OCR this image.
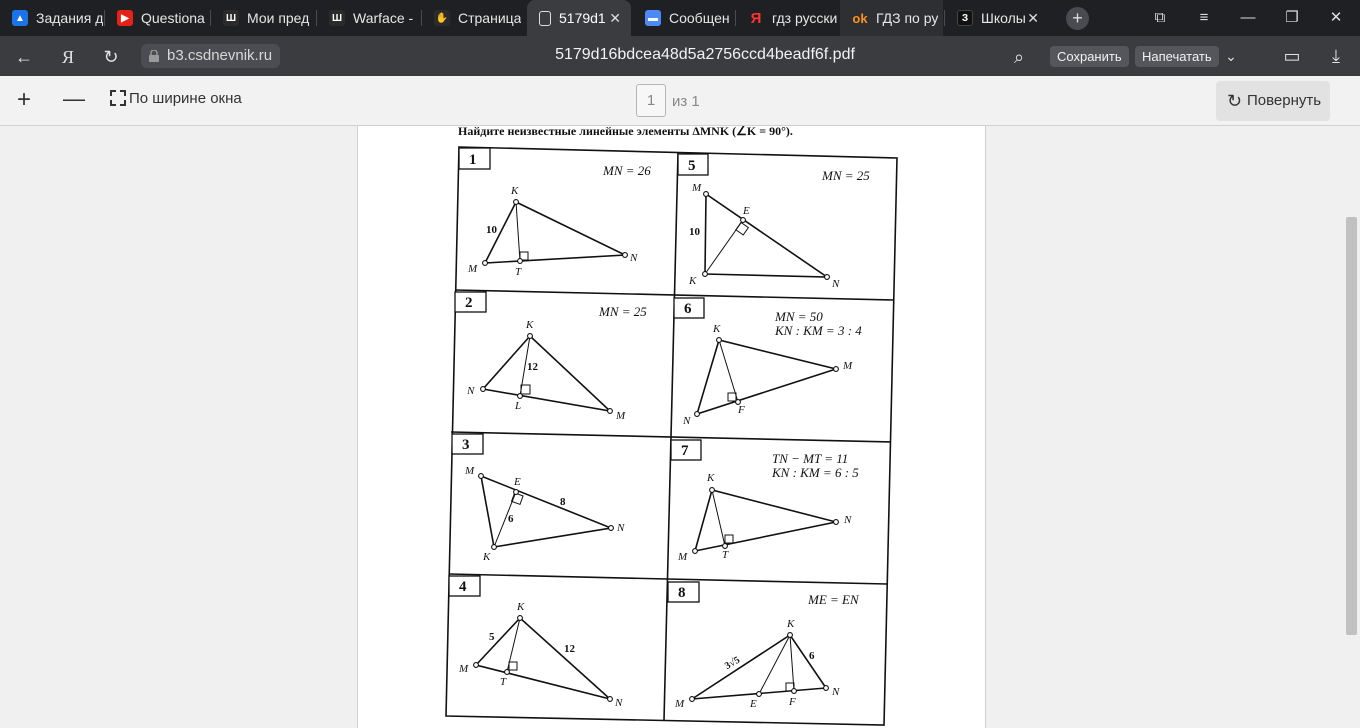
▲ Задания д	▶ Questiona Ш Мои пред Ш Warface - ✋ Страница	5179d1 ✕	▬ Сообщен Я гдз русски ok ГДЗ по ру	З Школы ✕	+	⧉	≡	— ❐ ✕
← Я ↻	b3.csdnevnik.ru	5179d16bdcea48d5a2756ccd4beadf6f.pdf	⌕	Сохранить	Напечатать ⌄	▭	⤓
+ —	По ширине окна	1	из 1	↻ Повернуть
Найдите неизвестные линейные элементы ΔMNK (∠K = 90°).
1	5
2	6
3	7
4	8
MN = 26	MN = 25
MN = 25	MN = 50
KN : KM = 3 : 4
TN − MT = 11
KN : KM = 6 : 5
ME = EN
K
M
N
T
10
M
E
K	N
10
K
N
L
M
12
K
M
N
F
M
E
K
N
6
8
K
N
M	T
K
M
T
N
5
12
K
M	E	F
N
3√5	6
